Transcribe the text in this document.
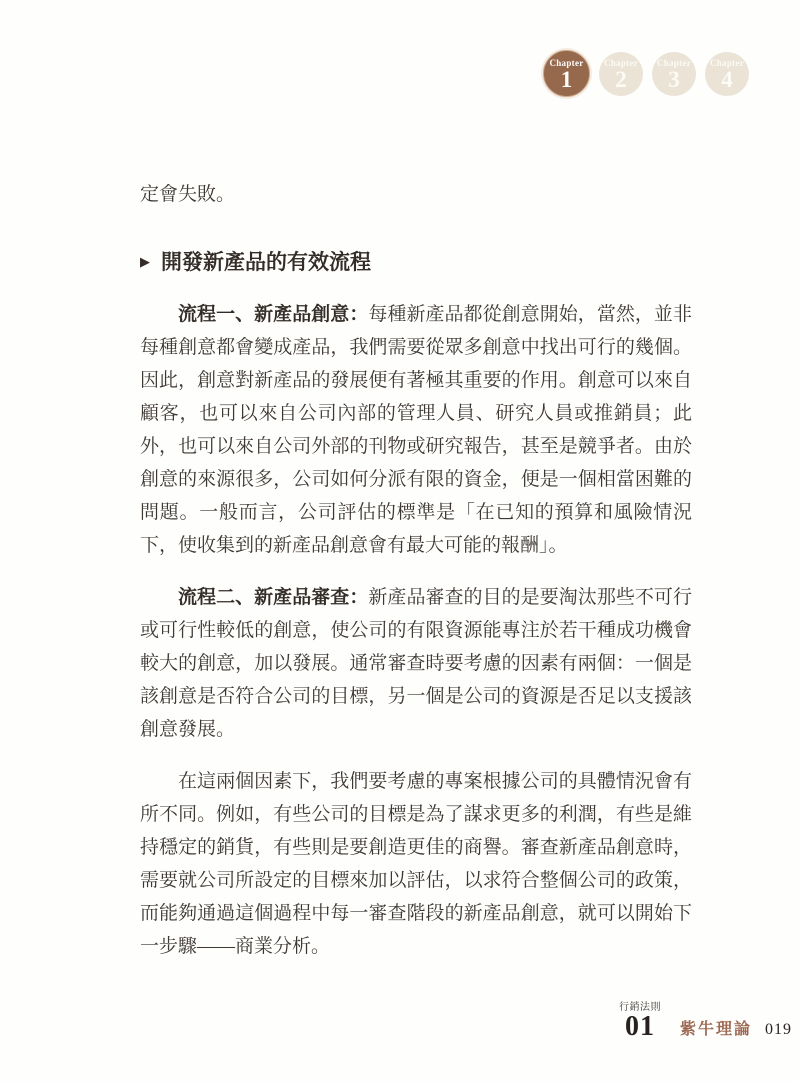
Chapter
1
Chapter
2
Chapter
3
Chapter
4

定會失敗。

▶ 開發新產品的有效流程

流程一、新產品創意：每種新產品都從創意開始，當然，並非每種創意都會變成產品，我們需要從眾多創意中找出可行的幾個。因此，創意對新產品的發展便有著極其重要的作用。創意可以來自顧客，也可以來自公司內部的管理人員、研究人員或推銷員；此外，也可以來自公司外部的刊物或研究報告，甚至是競爭者。由於創意的來源很多，公司如何分派有限的資金，便是一個相當困難的問題。一般而言，公司評估的標準是「在已知的預算和風險情況下，使收集到的新產品創意會有最大可能的報酬」。

流程二、新產品審查：新產品審查的目的是要淘汰那些不可行或可行性較低的創意，使公司的有限資源能專注於若干種成功機會較大的創意，加以發展。通常審查時要考慮的因素有兩個：一個是該創意是否符合公司的目標，另一個是公司的資源是否足以支援該創意發展。

在這兩個因素下，我們要考慮的專案根據公司的具體情況會有所不同。例如，有些公司的目標是為了謀求更多的利潤，有些是維持穩定的銷貨，有些則是要創造更佳的商譽。審查新產品創意時，需要就公司所設定的目標來加以評估，以求符合整個公司的政策，而能夠通過這個過程中每一審查階段的新產品創意，就可以開始下一步驟——商業分析。

行銷法則
01 紫牛理論 019
